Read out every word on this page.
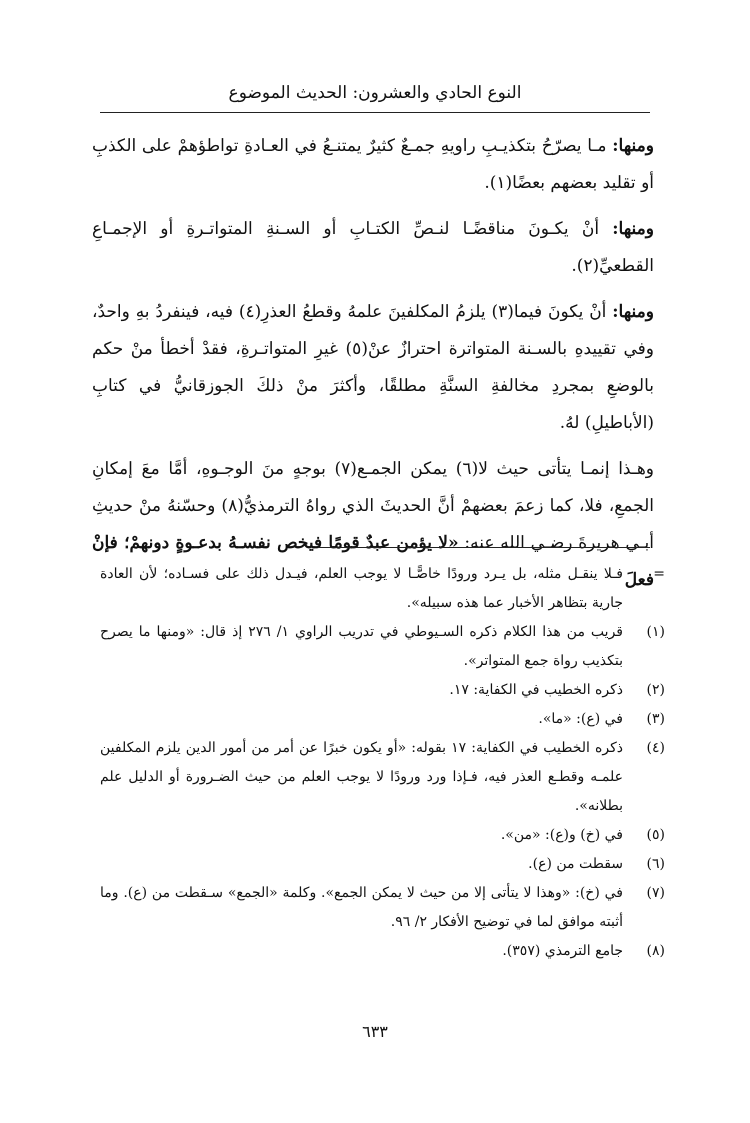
النوع الحادي والعشرون: الحديث الموضوع

ومنها: مـا يصرّحُ بتكذيـبِ راويهِ جمـعٌ كثيرٌ يمتنـعُ في العـادةِ تواطؤهمْ على الكذبِ أو تقليد بعضهم بعضًا(١).

ومنها: أنْ يكـونَ مناقضًـا لنـصِّ الكتـابِ أو السـنةِ المتواتـرةِ أو الإجمـاعِ القطعيِّ(٢).

ومنها: أنْ يكونَ فيما(٣) يلزمُ المكلفينَ علمهُ وقطعُ العذرِ(٤) فيه، فينفردُ بهِ واحدٌ، وفي تقييدهِ بالسـنة المتواترة احترازٌ عنْ(٥) غيرِ المتواتـرةِ، فقدْ أخطأ منْ حكم بالوضعِ بمجردِ مخالفةِ السنَّةِ مطلقًا، وأكثرَ منْ ذلكَ الجوزقانيُّ في كتابِ (الأباطيلِ) لهُ.

وهـذا إنمـا يتأتى حيث لا(٦) يمكن الجمـع(٧) بوجهٍ منَ الوجـوهِ، أمَّا معَ إمكانِ الجمعِ، فلا، كما زعمَ بعضهمْ أنَّ الحديثَ الذي رواهُ الترمذيُّ(٨) وحسّنهُ منْ حديثِ أبـي هريرةَ رضـي الله عنه: «لا يؤمن عبدٌ قومًا فيخص نفسـهُ بدعـوةٍ دونهمْ؛ فإنْ فعلَ =
فـلا ينقـل مثله، بل يـرد ورودًا خاصًّـا لا يوجب العلم، فيـدل ذلك على فسـاده؛ لأن العادة جارية بتظاهر الأخبار عما هذه سبيله».
(١)
قريب من هذا الكلام ذكره السـيوطي في تدريب الراوي ١/ ٢٧٦ إذ قال: «ومنها ما يصرح بتكذيب رواة جمع المتواتر».
(٢)
ذكره الخطيب في الكفاية: ١٧.
(٣)
في (ع): «ما».
(٤)
ذكره الخطيب في الكفاية: ١٧ بقوله: «أو يكون خبرًا عن أمر من أمور الدين يلزم المكلفين علمـه وقطـع العذر فيه، فـإذا ورد ورودًا لا يوجب العلم من حيث الضـرورة أو الدليل علم بطلانه».
(٥)
في (خ) و(ع): «من».
(٦)
سقطت من (ع).
(٧)
في (خ): «وهذا لا يتأتى إلا من حيث لا يمكن الجمع». وكلمة «الجمع» سـقطت من (ع). وما أثبته موافق لما في توضيح الأفكار ٢/ ٩٦.
(٨)
جامع الترمذي (٣٥٧).
٦٣٣
